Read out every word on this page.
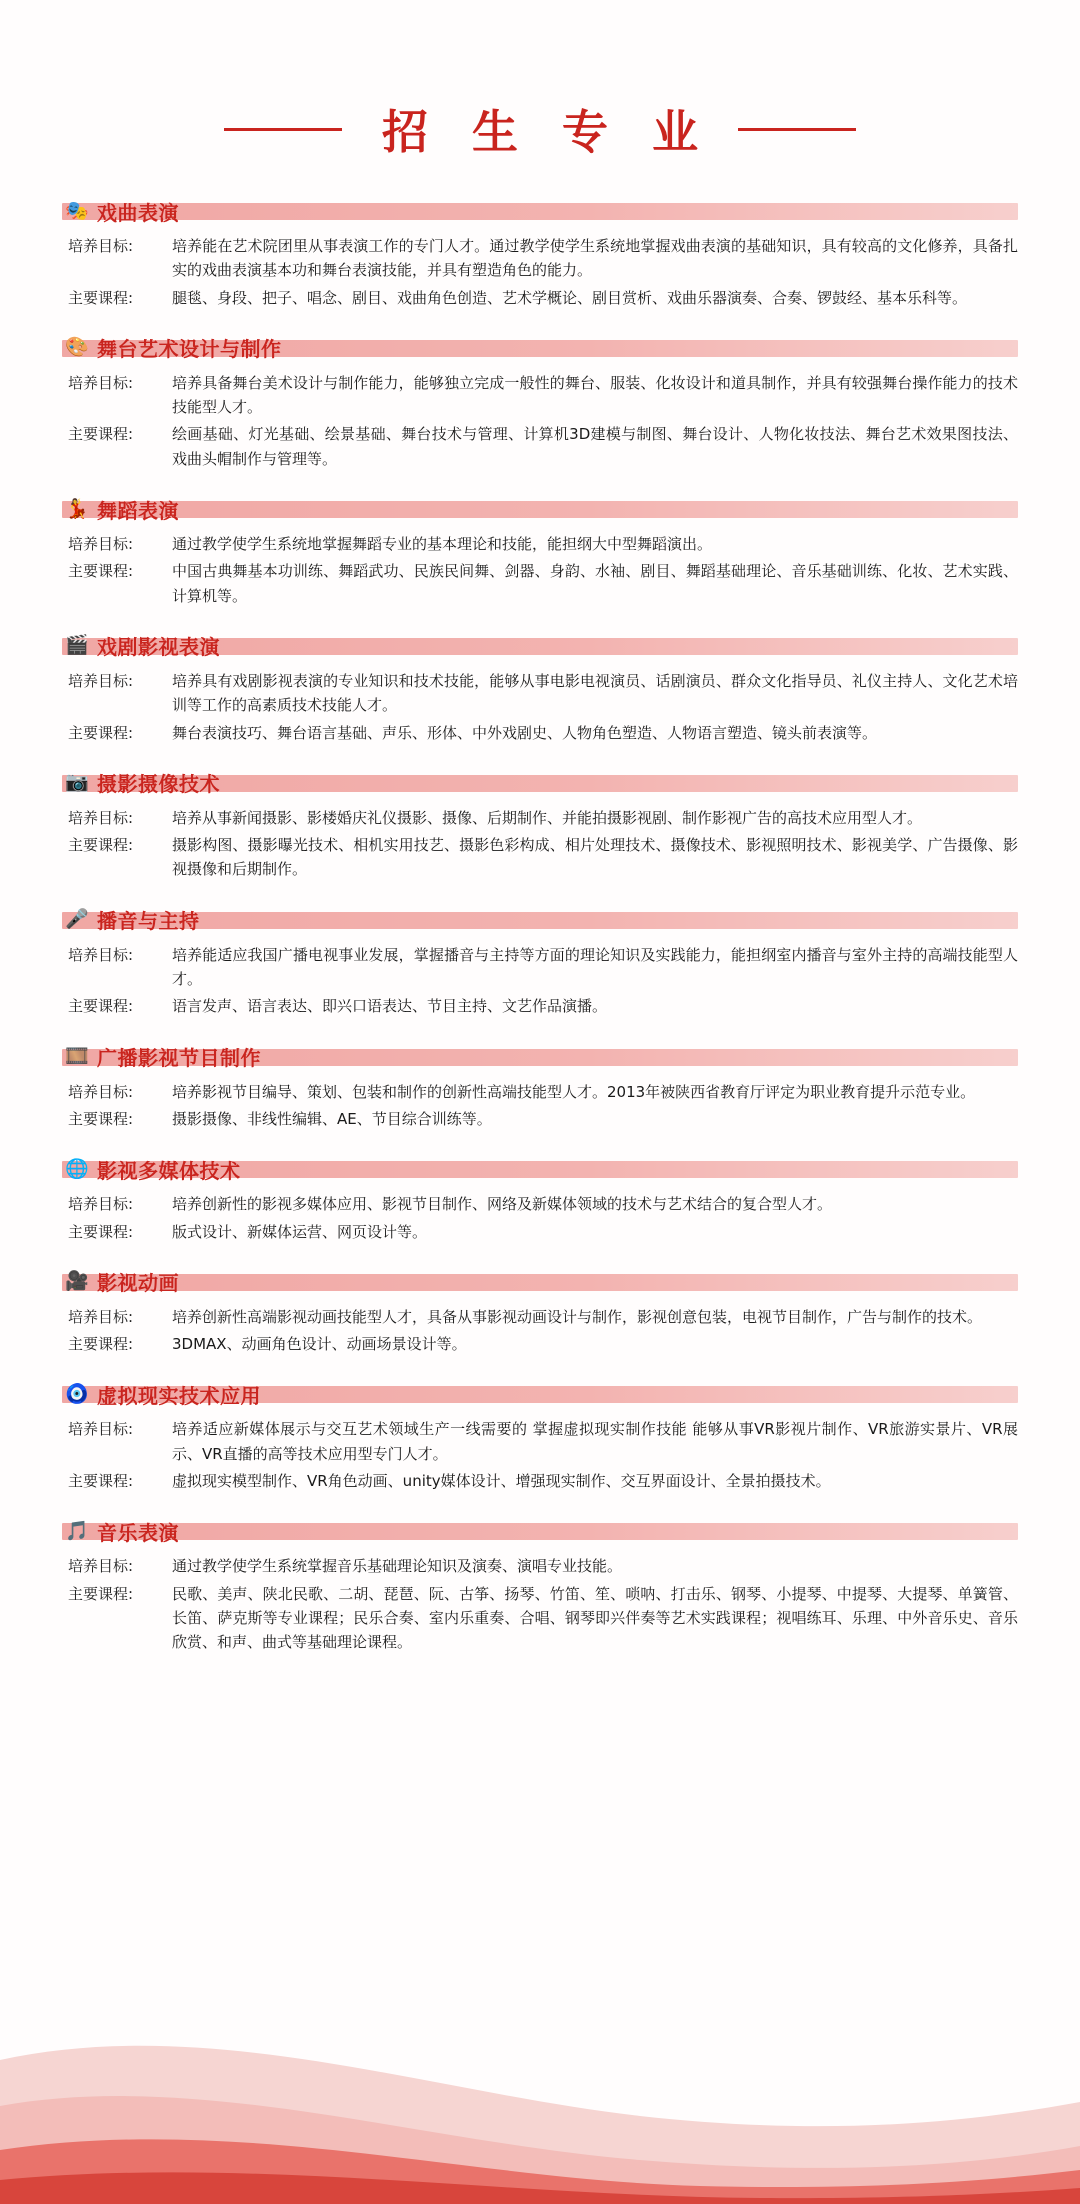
招 生 专 业
🎭 戏曲表演
培养目标:	培养能在艺术院团里从事表演工作的专门人才。通过教学使学生系统地掌握戏曲表演的基础知识，具有较高的文化修养，具备扎实的戏曲表演基本功和舞台表演技能，并具有塑造角色的能力。
主要课程:	腿毯、身段、把子、唱念、剧目、戏曲角色创造、艺术学概论、剧目赏析、戏曲乐器演奏、合奏、锣鼓经、基本乐科等。
🎨 舞台艺术设计与制作
培养目标:	培养具备舞台美术设计与制作能力，能够独立完成一般性的舞台、服装、化妆设计和道具制作，并具有较强舞台操作能力的技术技能型人才。
主要课程:	绘画基础、灯光基础、绘景基础、舞台技术与管理、计算机3D建模与制图、舞台设计、人物化妆技法、舞台艺术效果图技法、戏曲头帽制作与管理等。
💃 舞蹈表演
培养目标:	通过教学使学生系统地掌握舞蹈专业的基本理论和技能，能担纲大中型舞蹈演出。
主要课程:	中国古典舞基本功训练、舞蹈武功、民族民间舞、剑器、身韵、水袖、剧目、舞蹈基础理论、音乐基础训练、化妆、艺术实践、计算机等。
🎬 戏剧影视表演
培养目标:	培养具有戏剧影视表演的专业知识和技术技能，能够从事电影电视演员、话剧演员、群众文化指导员、礼仪主持人、文化艺术培训等工作的高素质技术技能人才。
主要课程:	舞台表演技巧、舞台语言基础、声乐、形体、中外戏剧史、人物角色塑造、人物语言塑造、镜头前表演等。
📷 摄影摄像技术
培养目标:	培养从事新闻摄影、影楼婚庆礼仪摄影、摄像、后期制作、并能拍摄影视剧、制作影视广告的高技术应用型人才。
主要课程:	摄影构图、摄影曝光技术、相机实用技艺、摄影色彩构成、相片处理技术、摄像技术、影视照明技术、影视美学、广告摄像、影视摄像和后期制作。
🎤 播音与主持
培养目标:	培养能适应我国广播电视事业发展，掌握播音与主持等方面的理论知识及实践能力，能担纲室内播音与室外主持的高端技能型人才。
主要课程:	语言发声、语言表达、即兴口语表达、节目主持、文艺作品演播。
🎞️ 广播影视节目制作
培养目标:	培养影视节目编导、策划、包装和制作的创新性高端技能型人才。2013年被陕西省教育厅评定为职业教育提升示范专业。
主要课程:	摄影摄像、非线性编辑、AE、节目综合训练等。
🌐 影视多媒体技术
培养目标:	培养创新性的影视多媒体应用、影视节目制作、网络及新媒体领域的技术与艺术结合的复合型人才。
主要课程:	版式设计、新媒体运营、网页设计等。
🎥 影视动画
培养目标:	培养创新性高端影视动画技能型人才，具备从事影视动画设计与制作，影视创意包装，电视节目制作，广告与制作的技术。
主要课程:	3DMAX、动画角色设计、动画场景设计等。
🧿 虚拟现实技术应用
培养目标:	培养适应新媒体展示与交互艺术领域生产一线需要的 掌握虚拟现实制作技能 能够从事VR影视片制作、VR旅游实景片、VR展示、VR直播的高等技术应用型专门人才。
主要课程:	虚拟现实模型制作、VR角色动画、unity媒体设计、增强现实制作、交互界面设计、全景拍摄技术。
🎵 音乐表演
培养目标:	通过教学使学生系统掌握音乐基础理论知识及演奏、演唱专业技能。
主要课程:	民歌、美声、陕北民歌、二胡、琵琶、阮、古筝、扬琴、竹笛、笙、唢呐、打击乐、钢琴、小提琴、中提琴、大提琴、单簧管、长笛、萨克斯等专业课程；民乐合奏、室内乐重奏、合唱、钢琴即兴伴奏等艺术实践课程；视唱练耳、乐理、中外音乐史、音乐欣赏、和声、曲式等基础理论课程。
